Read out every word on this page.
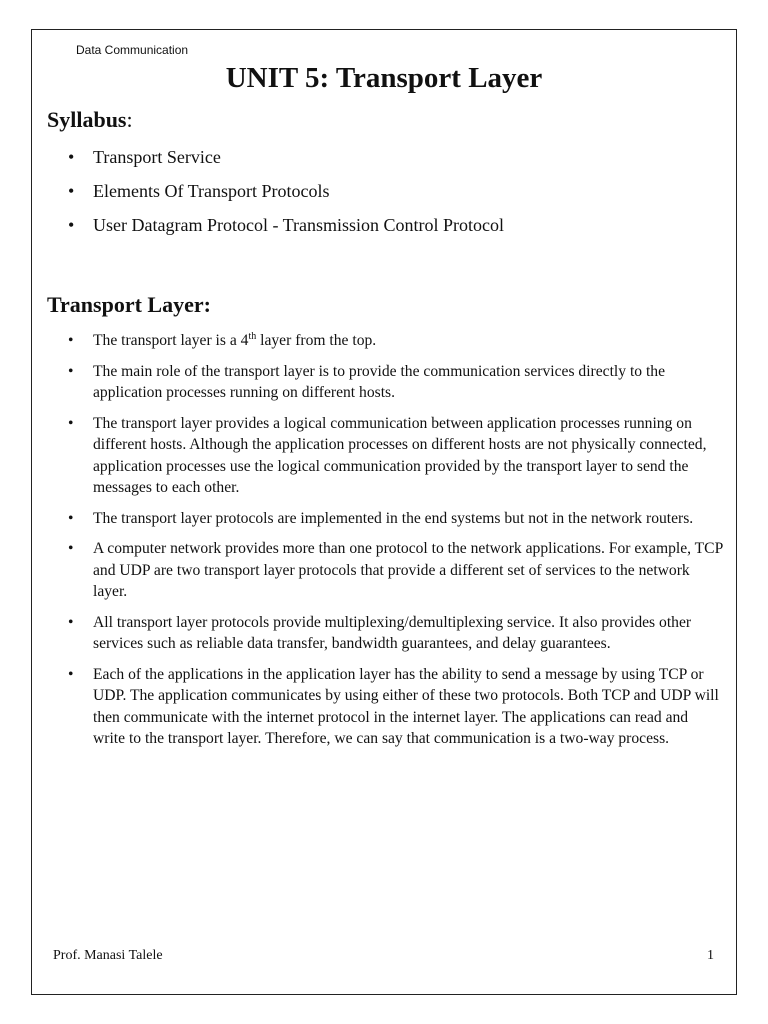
Data Communication
UNIT 5: Transport Layer
Syllabus:
• Transport Service
• Elements Of Transport Protocols
• User Datagram Protocol - Transmission Control Protocol
Transport Layer:
• The transport layer is a 4th layer from the top.
• The main role of the transport layer is to provide the communication services directly to the application processes running on different hosts.
• The transport layer provides a logical communication between application processes running on different hosts. Although the application processes on different hosts are not physically connected, application processes use the logical communication provided by the transport layer to send the messages to each other.
• The transport layer protocols are implemented in the end systems but not in the network routers.
• A computer network provides more than one protocol to the network applications. For example, TCP and UDP are two transport layer protocols that provide a different set of services to the network layer.
• All transport layer protocols provide multiplexing/demultiplexing service. It also provides other services such as reliable data transfer, bandwidth guarantees, and delay guarantees.
• Each of the applications in the application layer has the ability to send a message by using TCP or UDP. The application communicates by using either of these two protocols. Both TCP and UDP will then communicate with the internet protocol in the internet layer. The applications can read and write to the transport layer. Therefore, we can say that communication is a two-way process.
Prof. Manasi Talele	1
